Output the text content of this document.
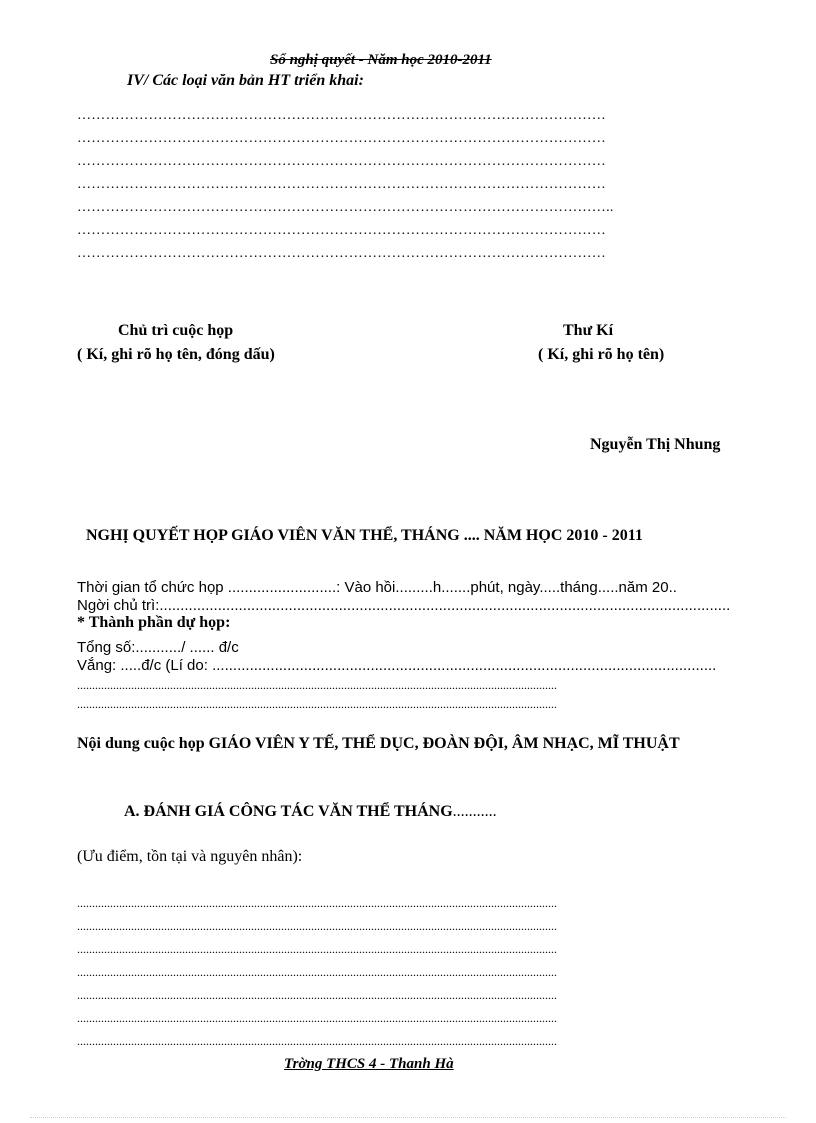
Sổ nghị quyết - Năm học 2010-2011
IV/ Các loại văn bản HT triển khai:
…………………………………………………………………………………………………
…………………………………………………………………………………………………
…………………………………………………………………………………………………
…………………………………………………………………………………………………
…………………………………………………………………………………………………..
…………………………………………………………………………………………………
…………………………………………………………………………………………………
Chủ trì cuộc họp
( Kí, ghi rõ họ tên, đóng dấu)
Thư Kí
( Kí, ghi rõ họ tên)
Nguyễn Thị Nhung
NGHỊ QUYẾT HỌP GIÁO VIÊN VĂN THỂ, THÁNG .... NĂM HỌC 2010 - 2011
Thời gian tổ chức họp ..........................: Vào hồi.........h.......phút, ngày.....tháng.....năm 20..
Ngời chủ trì:.........................................................................................................................................
* Thành phần dự họp:
Tổng số:.........../ ...... đ/c
Vắng: .....đ/c (Lí do: .........................................................................................................................
................................................................................................................................................................
................................................................................................................................................................
Nội dung cuộc họp GIÁO VIÊN Y TẾ, THỂ DỤC, ĐOÀN ĐỘI, ÂM NHẠC, MĨ THUẬT
A. ĐÁNH GIÁ CÔNG TÁC VĂN THỂ THÁNG...........
(Ưu điểm, tồn tại và nguyên nhân):
................................................................................................................................................................
................................................................................................................................................................
................................................................................................................................................................
................................................................................................................................................................
................................................................................................................................................................
................................................................................................................................................................
................................................................................................................................................................
Trờng THCS 4 - Thanh Hà
